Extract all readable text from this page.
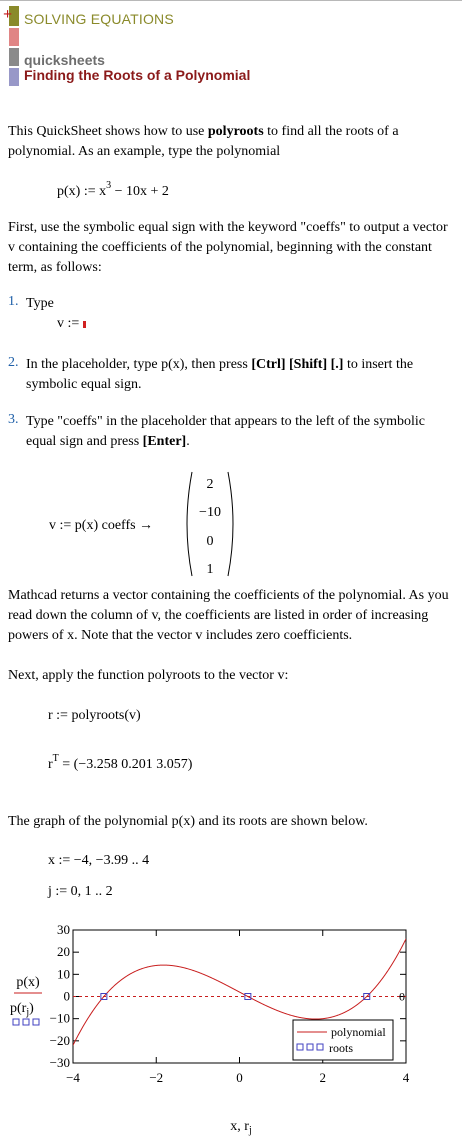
+ SOLVING EQUATIONS
quicksheets
Finding the Roots of a Polynomial
This QuickSheet shows how to use polyroots to find all the roots of a polynomial. As an example, type the polynomial
p(x) := $x^3 - 10x + 2$
First, use the symbolic equal sign with the keyword "coeffs" to output a vector v containing the coefficients of the polynomial, beginning with the constant term, as follows:
1. Type
v :=
2. In the placeholder, type p(x), then press [Ctrl] [Shift] [.] to insert the symbolic equal sign.
3. Type "coeffs" in the placeholder that appears to the left of the symbolic equal sign and press [Enter].
v := p(x) coeffs →
2
−10
0
1
Mathcad returns a vector containing the coefficients of the polynomial. As you read down the column of v, the coefficients are listed in order of increasing powers of x. Note that the vector v includes zero coefficients.
Next, apply the function polyroots to the vector v:
r := polyroots(v)
$r^T = (-3.258$ 0.201 3.057)
The graph of the polynomial p(x) and its roots are shown below.
x := −4, −3.99 .. 4
j := 0, 1 .. 2
30
20
10
0
−10
−20
−30
−4	−2	0	2	4
0
polynomial
roots
p(x)
$p(r_j)$
x, $r_j$
